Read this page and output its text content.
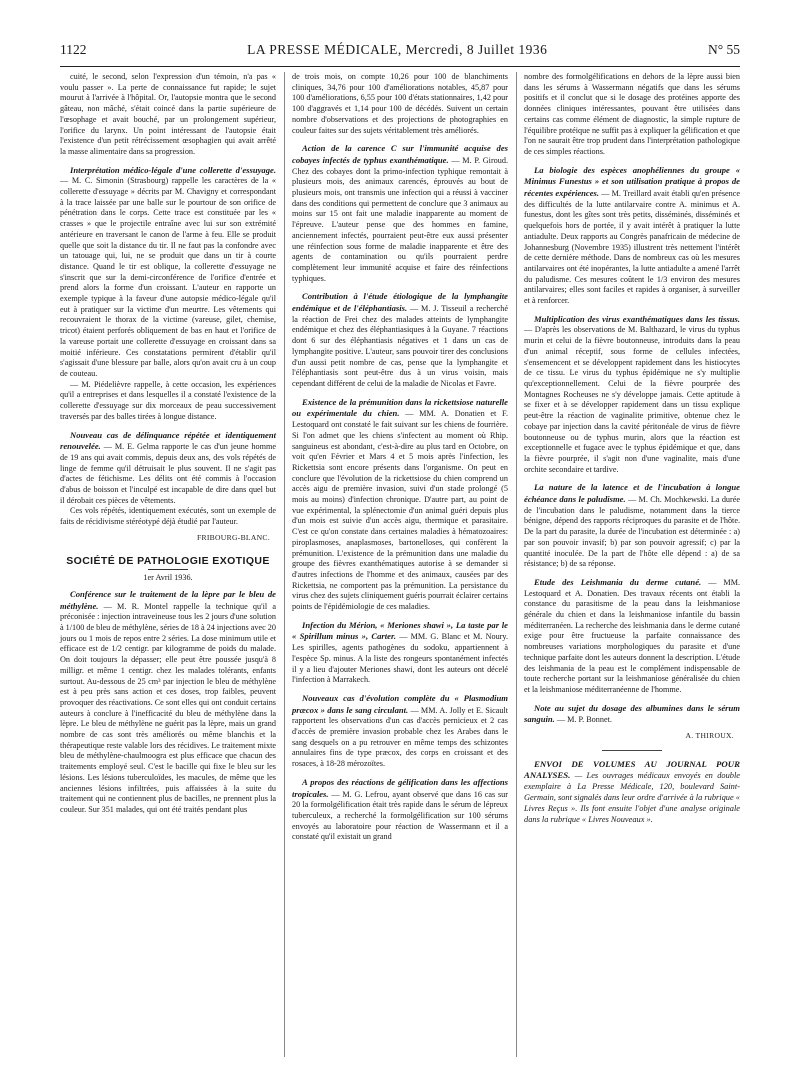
1122	LA PRESSE MÉDICALE, Mercredi, 8 Juillet 1936	N° 55

cuité, le second, selon l'expression d'un témoin, n'a pas « voulu passer ». La perte de connaissance fut rapide; le sujet mourut à l'arrivée à l'hôpital. Or, l'autopsie montra que le second gâteau, non mâché, s'était coincé dans la partie supérieure de l'œsophage et avait bouché, par un prolongement supérieur, l'orifice du larynx. Un point intéressant de l'autopsie était l'existence d'un petit rétrécissement œsophagien qui avait arrêté la masse alimentaire dans sa progression.

Interprétation médico-légale d'une collerette d'essuyage. — M. C. Simonin (Strasbourg) rappelle les caractères de la « collerette d'essuyage » décrits par M. Chavigny et correspondant à la trace laissée par une balle sur le pourtour de son orifice de pénétration dans le corps. Cette trace est constituée par les « crasses » que le projectile entraîne avec lui sur son extrémité antérieure en traversant le canon de l'arme à feu. Elle se produit quelle que soit la distance du tir. Il ne faut pas la confondre avec un tatouage qui, lui, ne se produit que dans un tir à courte distance. Quand le tir est oblique, la collerette d'essuyage ne s'inscrit que sur la demi-circonférence de l'orifice d'entrée et prend alors la forme d'un croissant. L'auteur en rapporte un exemple typique à la faveur d'une autopsie médico-légale qu'il eut à pratiquer sur la victime d'un meurtre. Les vêtements qui recouvraient le thorax de la victime (vareuse, gilet, chemise, tricot) étaient perforés obliquement de bas en haut et l'orifice de la vareuse portait une collerette d'essuyage en croissant dans sa moitié inférieure. Ces constatations permirent d'établir qu'il s'agissait d'une blessure par balle, alors qu'on avait cru à un coup de couteau.

— M. Piédelièvre rappelle, à cette occasion, les expériences qu'il a entreprises et dans lesquelles il a constaté l'existence de la collerette d'essuyage sur dix morceaux de peau successivement traversés par des balles tirées à longue distance.

Nouveau cas de délinquance répétée et identiquement renouvelée. — M. E. Gelma rapporte le cas d'un jeune homme de 19 ans qui avait commis, depuis deux ans, des vols répétés de linge de femme qu'il détruisait le plus souvent. Il ne s'agit pas d'actes de fétichisme. Les délits ont été commis à l'occasion d'abus de boisson et l'inculpé est incapable de dire dans quel but il dérobait ces pièces de vêtements.

Ces vols répétés, identiquement exécutés, sont un exemple de faits de récidivisme stéréotypé déjà étudié par l'auteur.

FRIBOURG-BLANC.
SOCIÉTÉ DE PATHOLOGIE EXOTIQUE
1er Avril 1936.

Conférence sur le traitement de la lèpre par le bleu de méthylène. — M. R. Montel rappelle la technique qu'il a préconisée : injection intraveineuse tous les 2 jours d'une solution à 1/100 de bleu de méthylène, séries de 18 à 24 injections avec 20 jours ou 1 mois de repos entre 2 séries. La dose minimum utile et efficace est de 1/2 centigr. par kilogramme de poids du malade. On doit toujours la dépasser; elle peut être poussée jusqu'à 8 milligr. et même 1 centigr. chez les malades tolérants, enfants surtout. Au-dessous de 25 cm³ par injection le bleu de méthylène est à peu près sans action et ces doses, trop faibles, peuvent provoquer des réactivations. Ce sont elles qui ont conduit certains auteurs à conclure à l'inefficacité du bleu de méthylène dans la lèpre. Le bleu de méthylène ne guérit pas la lèpre, mais un grand nombre de cas sont très améliorés ou même blanchis et la thérapeutique reste valable lors des récidives. Le traitement mixte bleu de méthylène-chaulmoogra est plus efficace que chacun des traitements employé seul. C'est le bacille qui fixe le bleu sur les lésions. Les lésions tuberculoïdes, les macules, de même que les anciennes lésions infiltrées, puis affaissées à la suite du traitement qui ne contiennent plus de bacilles, ne prennent plus la couleur. Sur 351 malades, qui ont été traités pendant plus

de trois mois, on compte 10,26 pour 100 de blanchiments cliniques, 34,76 pour 100 d'améliorations notables, 45,87 pour 100 d'améliorations, 6,55 pour 100 d'états stationnaires, 1,42 pour 100 d'aggravés et 1,14 pour 100 de décédés. Suivent un certain nombre d'observations et des projections de photographies en couleur faites sur des sujets véritablement très améliorés.

Action de la carence C sur l'immunité acquise des cobayes infectés de typhus exanthématique. — M. P. Giroud. Chez des cobayes dont la primo-infection typhique remontait à plusieurs mois, des animaux carencés, éprouvés au bout de plusieurs mois, ont transmis une infection qui a réussi à vacciner dans des conditions qui permettent de conclure que 3 animaux au moins sur 15 ont fait une maladie inapparente au moment de l'épreuve. L'auteur pense que des hommes en famine, anciennement infectés, pourraient peut-être eux aussi présenter une réinfection sous forme de maladie inapparente et être des agents de contamination ou qu'ils pourraient perdre complètement leur immunité acquise et faire des réinfections typhiques.

Contribution à l'étude étiologique de la lymphangite endémique et de l'éléphantiasis. — M. J. Tisseuil a recherché la réaction de Frei chez des malades atteints de lymphangite endémique et chez des éléphantiasiques à la Guyane. 7 réactions dont 6 sur des éléphantiasis négatives et 1 dans un cas de lymphangite positive. L'auteur, sans pouvoir tirer des conclusions d'un aussi petit nombre de cas, pense que la lymphangite et l'éléphantiasis sont peut-être dus à un virus voisin, mais cependant différent de celui de la maladie de Nicolas et Favre.

Existence de la prémunition dans la rickettsiose naturelle ou expérimentale du chien. — MM. A. Donatien et F. Lestoquard ont constaté le fait suivant sur les chiens de fourrière. Si l'on admet que les chiens s'infectent au moment où Rhip. sanguineus est abondant, c'est-à-dire au plus tard en Octobre, on voit qu'en Février et Mars 4 et 5 mois après l'infection, les Rickettsia sont encore présents dans l'organisme. On peut en conclure que l'évolution de la rickettsiose du chien comprend un accès aigu de première invasion, suivi d'un stade prolongé (5 mois au moins) d'infection chronique. D'autre part, au point de vue expérimental, la splénectomie d'un animal guéri depuis plus d'un mois est suivie d'un accès aigu, thermique et parasitaire. C'est ce qu'on constate dans certaines maladies à hématozoaires: piroplasmoses, anaplasmoses, bartonelloses, qui confèrent la prémunition. L'existence de la prémunition dans une maladie du groupe des fièvres exanthématiques autorise à se demander si d'autres infections de l'homme et des animaux, causées par des Rickettsia, ne comportent pas la prémunition. La persistance du virus chez des sujets cliniquement guéris pourrait éclairer certains points de l'épidémiologie de ces maladies.

Infection du Mérion, « Meriones shawi », La taste par le « Spirillum minus », Carter. — MM. G. Blanc et M. Noury. Les spirilles, agents pathogènes du sodoku, appartiennent à l'espèce Sp. minus. A la liste des rongeurs spontanément infectés il y a lieu d'ajouter Meriones shawi, dont les auteurs ont décelé l'infection à Marrakech.

Nouveaux cas d'évolution complète du « Plasmodium præcox » dans le sang circulant. — MM. A. Jolly et E. Sicault rapportent les observations d'un cas d'accès pernicieux et 2 cas d'accès de première invasion probable chez les Arabes dans le sang desquels on a pu retrouver en même temps des schizontes annulaires fins de type præcox, des corps en croissant et des rosaces, à 18-28 mérozoïtes.

A propos des réactions de gélification dans les affections tropicales. — M. G. Lefrou, ayant observé que dans 16 cas sur 20 la formolgélification était très rapide dans le sérum de lépreux tuberculeux, a recherché la formolgélification sur 100 sérums envoyés au laboratoire pour réaction de Wassermann et il a constaté qu'il existait un grand

nombre des formolgélifications en dehors de la lèpre aussi bien dans les sérums à Wassermann négatifs que dans les sérums positifs et il conclut que si le dosage des protéines apporte des données cliniques intéressantes, pouvant être utilisées dans certains cas comme élément de diagnostic, la simple rupture de l'équilibre protéique ne suffit pas à expliquer la gélification et que l'on ne saurait être trop prudent dans l'interprétation pathologique de ces simples réactions.

La biologie des espèces anophéliennes du groupe « Minimus Funestus » et son utilisation pratique à propos de récentes expériences. — M. Treillard avait établi qu'en présence des difficultés de la lutte antilarvaire contre A. minimus et A. funestus, dont les gîtes sont très petits, disséminés, disséminés et quelquefois hors de portée, il y avait intérêt à pratiquer la lutte antiadulte. Deux rapports au Congrès panafricain de médecine de Johannesburg (Novembre 1935) illustrent très nettement l'intérêt de cette dernière méthode. Dans de nombreux cas où les mesures antilarvaires ont été inopérantes, la lutte antiadulte a amené l'arrêt du paludisme. Ces mesures coûtent le 1/3 environ des mesures antilarvaires; elles sont faciles et rapides à organiser, à surveiller et à renforcer.

Multiplication des virus exanthématiques dans les tissus. — D'après les observations de M. Balthazard, le virus du typhus murin et celui de la fièvre boutonneuse, introduits dans la peau d'un animal réceptif, sous forme de cellules infectées, s'ensemencent et se développent rapidement dans les histiocytes de ce tissu. Le virus du typhus épidémique ne s'y multiplie qu'exceptionnellement. Celui de la fièvre pourprée des Montagnes Rocheuses ne s'y développe jamais. Cette aptitude à se fixer et à se développer rapidement dans un tissu explique peut-être la réaction de vaginalite primitive, obtenue chez le cobaye par injection dans la cavité péritonéale de virus de fièvre boutonneuse ou de typhus murin, alors que la réaction est exceptionnelle et fugace avec le typhus épidémique et que, dans la fièvre pourprée, il s'agit non d'une vaginalite, mais d'une orchite secondaire et tardive.

La nature de la latence et de l'incubation à longue échéance dans le paludisme. — M. Ch. Mochkewski. La durée de l'incubation dans le paludisme, notamment dans la tierce bénigne, dépend des rapports réciproques du parasite et de l'hôte. De la part du parasite, la durée de l'incubation est déterminée : a) par son pouvoir invasif; b) par son pouvoir agressif; c) par la quantité inoculée. De la part de l'hôte elle dépend : a) de sa résistance; b) de sa réponse.

Etude des Leishmania du derme cutané. — MM. Lestoquard et A. Donatien. Des travaux récents ont établi la constance du parasitisme de la peau dans la leishmaniose générale du chien et dans la leishmaniose infantile du bassin méditerranéen. La recherche des leishmania dans le derme cutané exige pour être fructueuse la parfaite connaissance des nombreuses variations morphologiques du parasite et d'une technique parfaite dont les auteurs donnent la description. L'étude des leishmania de la peau est le complément indispensable de toute recherche portant sur la leishmaniose généralisée du chien et la leishmaniose méditerranéenne de l'homme.

Note au sujet du dosage des albumines dans le sérum sanguin. — M. P. Bonnet.

A. THIROUX.

ENVOI DE VOLUMES AU JOURNAL POUR ANALYSES. — Les ouvrages médicaux envoyés en double exemplaire à La Presse Médicale, 120, boulevard Saint-Germain, sont signalés dans leur ordre d'arrivée à la rubrique « Livres Reçus ». Ils font ensuite l'objet d'une analyse originale dans la rubrique « Livres Nouveaux ».
